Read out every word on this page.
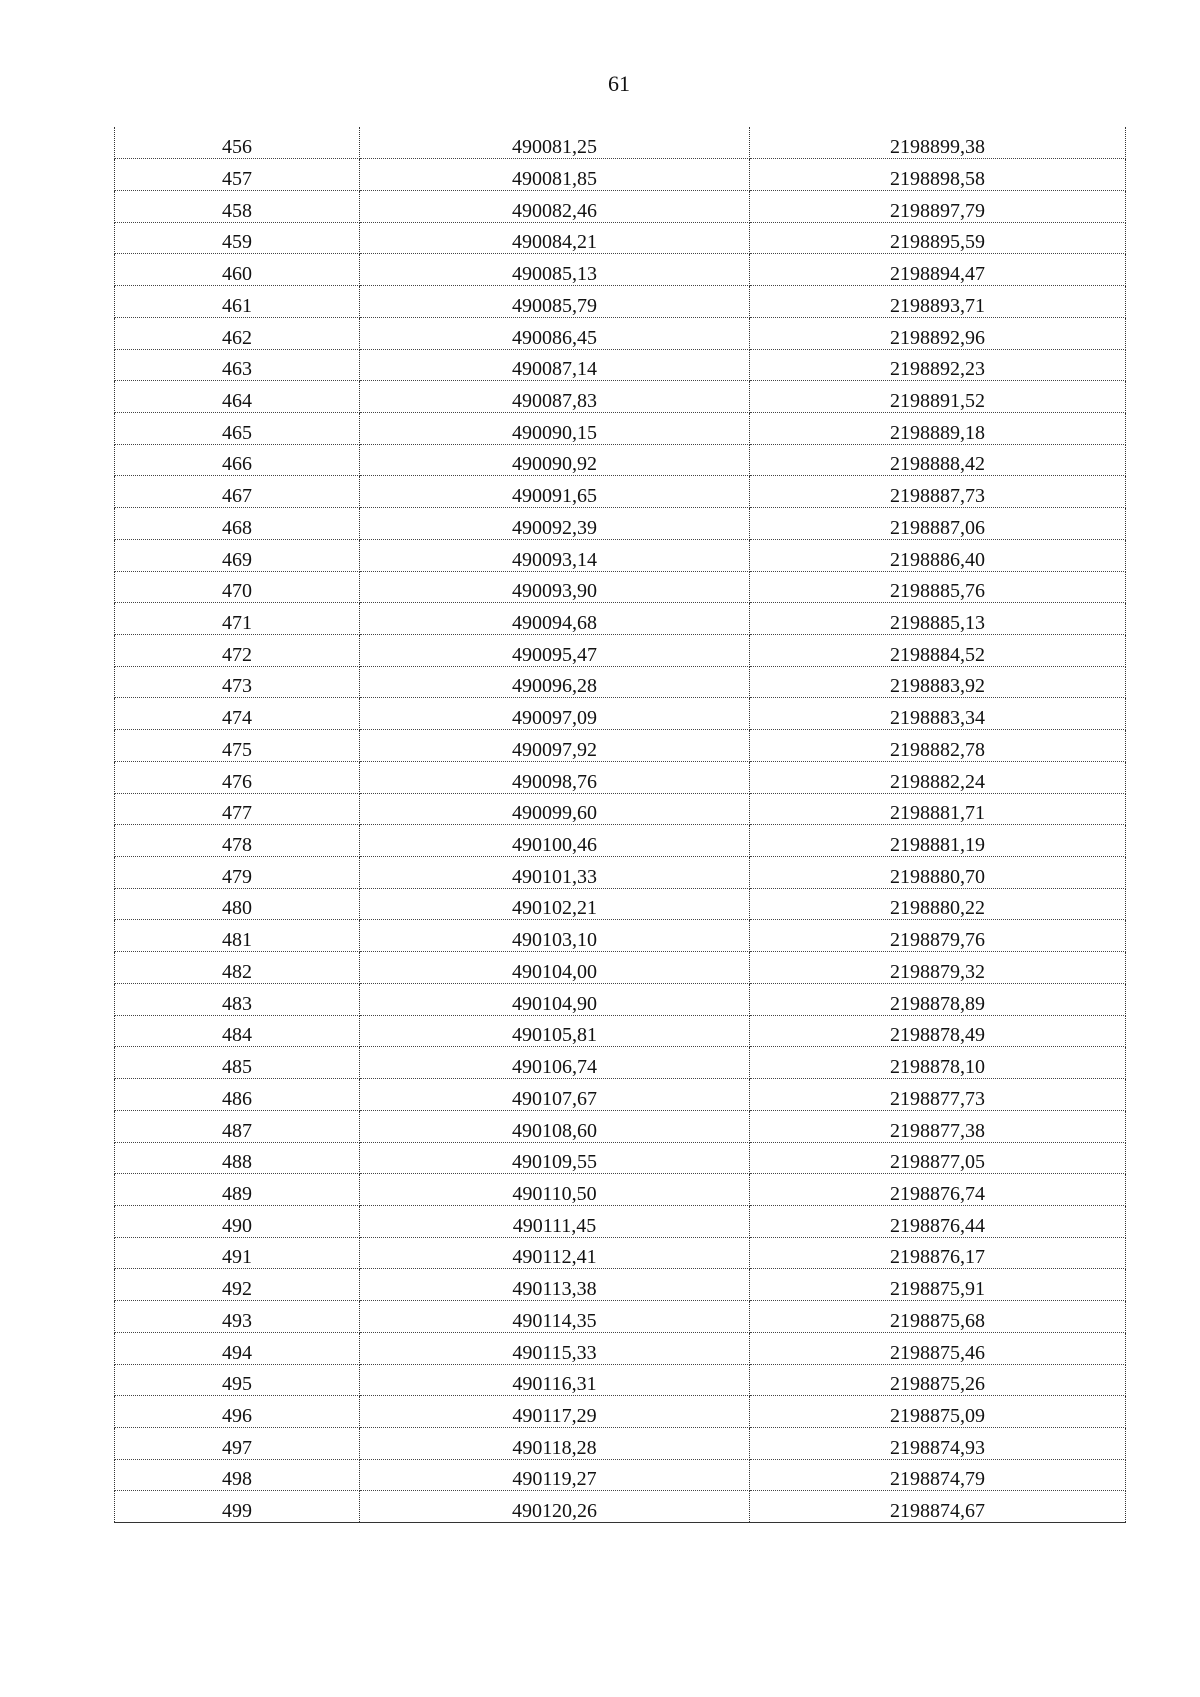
61
456	490081,25	2198899,38
457	490081,85	2198898,58
458	490082,46	2198897,79
459	490084,21	2198895,59
460	490085,13	2198894,47
461	490085,79	2198893,71
462	490086,45	2198892,96
463	490087,14	2198892,23
464	490087,83	2198891,52
465	490090,15	2198889,18
466	490090,92	2198888,42
467	490091,65	2198887,73
468	490092,39	2198887,06
469	490093,14	2198886,40
470	490093,90	2198885,76
471	490094,68	2198885,13
472	490095,47	2198884,52
473	490096,28	2198883,92
474	490097,09	2198883,34
475	490097,92	2198882,78
476	490098,76	2198882,24
477	490099,60	2198881,71
478	490100,46	2198881,19
479	490101,33	2198880,70
480	490102,21	2198880,22
481	490103,10	2198879,76
482	490104,00	2198879,32
483	490104,90	2198878,89
484	490105,81	2198878,49
485	490106,74	2198878,10
486	490107,67	2198877,73
487	490108,60	2198877,38
488	490109,55	2198877,05
489	490110,50	2198876,74
490	490111,45	2198876,44
491	490112,41	2198876,17
492	490113,38	2198875,91
493	490114,35	2198875,68
494	490115,33	2198875,46
495	490116,31	2198875,26
496	490117,29	2198875,09
497	490118,28	2198874,93
498	490119,27	2198874,79
499	490120,26	2198874,67
